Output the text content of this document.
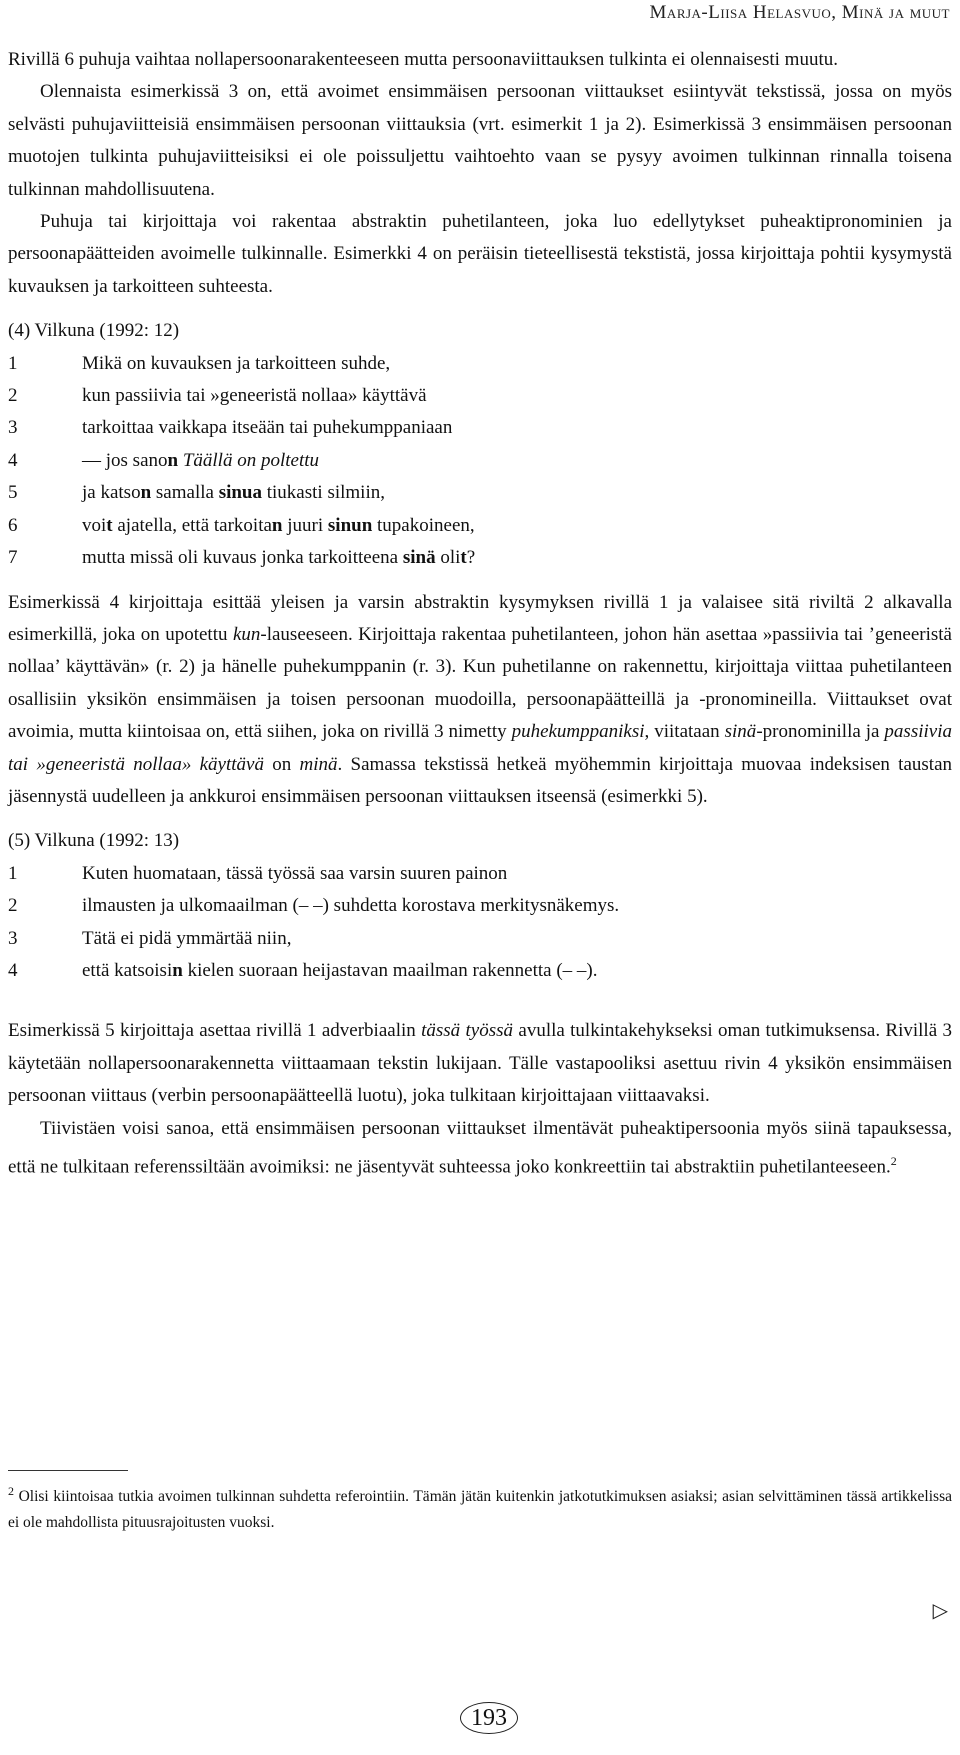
Marja-Liisa Helasvuo, Minä ja muut

Rivillä 6 puhuja vaihtaa nollapersoonarakenteeseen mutta persoonaviittauksen tulkinta ei olennaisesti muutu.

Olennaista esimerkissä 3 on, että avoimet ensimmäisen persoonan viittaukset esiintyvät tekstissä, jossa on myös selvästi puhujaviitteisiä ensimmäisen persoonan viittauksia (vrt. esimerkit 1 ja 2). Esimerkissä 3 ensimmäisen persoonan muotojen tulkinta puhujaviitteisiksi ei ole poissuljettu vaihtoehto vaan se pysyy avoimen tulkinnan rinnalla toisena tulkinnan mahdollisuutena.

Puhuja tai kirjoittaja voi rakentaa abstraktin puhetilanteen, joka luo edellytykset puheaktipronominien ja persoonapäätteiden avoimelle tulkinnalle. Esimerkki 4 on peräisin tieteellisestä tekstistä, jossa kirjoittaja pohtii kysymystä kuvauksen ja tarkoitteen suhteesta.

(4) Vilkuna (1992: 12)

1	Mikä on kuvauksen ja tarkoitteen suhde,
2	kun passiivia tai »geneeristä nollaa» käyttävä
3	tarkoittaa vaikkapa itseään tai puhekumppaniaan
4	— jos sanon Täällä on poltettu
5	ja katson samalla sinua tiukasti silmiin,
6	voit ajatella, että tarkoitan juuri sinun tupakoineen,
7	mutta missä oli kuvaus jonka tarkoitteena sinä olit?

Esimerkissä 4 kirjoittaja esittää yleisen ja varsin abstraktin kysymyksen rivillä 1 ja valaisee sitä riviltä 2 alkavalla esimerkillä, joka on upotettu kun-lauseeseen. Kirjoittaja rakentaa puhetilanteen, johon hän asettaa »passiivia tai ’geneeristä nollaa’ käyttävän» (r. 2) ja hänelle puhekumppanin (r. 3). Kun puhetilanne on rakennettu, kirjoittaja viittaa puhetilanteen osallisiin yksikön ensimmäisen ja toisen persoonan muodoilla, persoonapäätteillä ja -pronomineilla. Viittaukset ovat avoimia, mutta kiintoisaa on, että siihen, joka on rivillä 3 nimetty puhekumppaniksi, viitataan sinä-pronominilla ja passiivia tai »geneeristä nollaa» käyttävä on minä. Samassa tekstissä hetkeä myöhemmin kirjoittaja muovaa indeksisen taustan jäsennystä uudelleen ja ankkuroi ensimmäisen persoonan viittauksen itseensä (esimerkki 5).

(5) Vilkuna (1992: 13)

1	Kuten huomataan, tässä työssä saa varsin suuren painon
2	ilmausten ja ulkomaailman (– –) suhdetta korostava merkitysnäkemys.
3	Tätä ei pidä ymmärtää niin,
4	että katsoisin kielen suoraan heijastavan maailman rakennetta (– –).

Esimerkissä 5 kirjoittaja asettaa rivillä 1 adverbiaalin tässä työssä avulla tulkintakehykseksi oman tutkimuksensa. Rivillä 3 käytetään nollapersoonarakennetta viittaamaan tekstin lukijaan. Tälle vastapooliksi asettuu rivin 4 yksikön ensimmäisen persoonan viittaus (verbin persoonapäätteellä luotu), joka tulkitaan kirjoittajaan viittaavaksi.

Tiivistäen voisi sanoa, että ensimmäisen persoonan viittaukset ilmentävät puheaktipersoonia myös siinä tapauksessa, että ne tulkitaan referenssiltään avoimiksi: ne jäsentyvät suhteessa joko konkreettiin tai abstraktiin puhetilanteeseen.$^2$

$^2$ Olisi kiintoisaa tutkia avoimen tulkinnan suhdetta referointiin. Tämän jätän kuitenkin jatkotutkimuksen asiaksi; asian selvittäminen tässä artikkelissa ei ole mahdollista pituusrajoitusten vuoksi.

▷
193
